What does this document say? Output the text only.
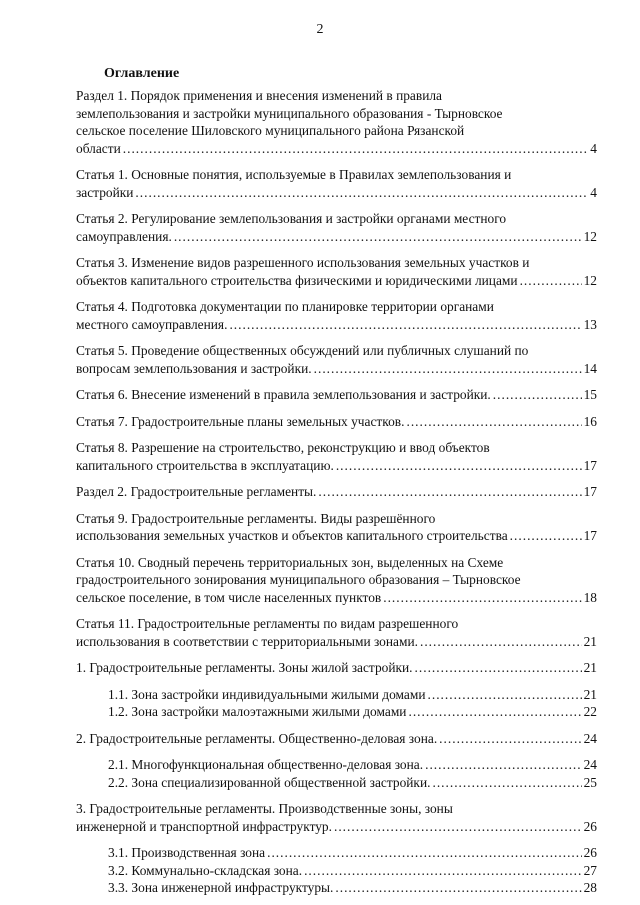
2
Оглавление
Раздел 1. Порядок применения и внесения изменений в правила
землепользования и застройки муниципального образования - Тырновское
сельское поселение Шиловского муниципального района Рязанской
области .....	4
Статья 1. Основные понятия, используемые в Правилах землепользования и
застройки .....	4
Статья 2. Регулирование землепользования и застройки органами местного
самоуправления. .....	12
Статья 3. Изменение видов разрешенного использования земельных участков и
объектов капитального строительства физическими и юридическими лицами .....	12
Статья 4. Подготовка документации по планировке территории органами
местного самоуправления. .....	13
Статья 5. Проведение общественных обсуждений или публичных слушаний по
вопросам землепользования и застройки. .....	14
Статья 6. Внесение изменений в правила землепользования и застройки. .....	15
Статья 7. Градостроительные планы земельных участков. .....	16
Статья 8. Разрешение на строительство, реконструкцию и ввод объектов
капитального строительства в эксплуатацию. .....	17
Раздел 2. Градостроительные регламенты. .....	17
Статья 9. Градостроительные регламенты. Виды разрешённого
использования земельных участков и объектов капитального строительства .....	17
Статья 10. Сводный перечень территориальных зон, выделенных на Схеме
градостроительного зонирования муниципального образования – Тырновское
сельское поселение, в том числе населенных пунктов .....	18
Статья 11. Градостроительные регламенты по видам разрешенного
использования в соответствии с территориальными зонами. .....	21
1. Градостроительные регламенты. Зоны жилой застройки. .....	21
1.1. Зона застройки индивидуальными жилыми домами .....	21
1.2. Зона застройки малоэтажными жилыми домами .....	22
2. Градостроительные регламенты. Общественно-деловая зона. .....	24
2.1. Многофункциональная общественно-деловая зона. .....	24
2.2. Зона специализированной общественной застройки. .....	25
3. Градостроительные регламенты. Производственные зоны, зоны
инженерной и транспортной инфраструктур. .....	26
3.1. Производственная зона .....	26
3.2. Коммунально-складская зона. .....	27
3.3. Зона инженерной инфраструктуры. .....	28
